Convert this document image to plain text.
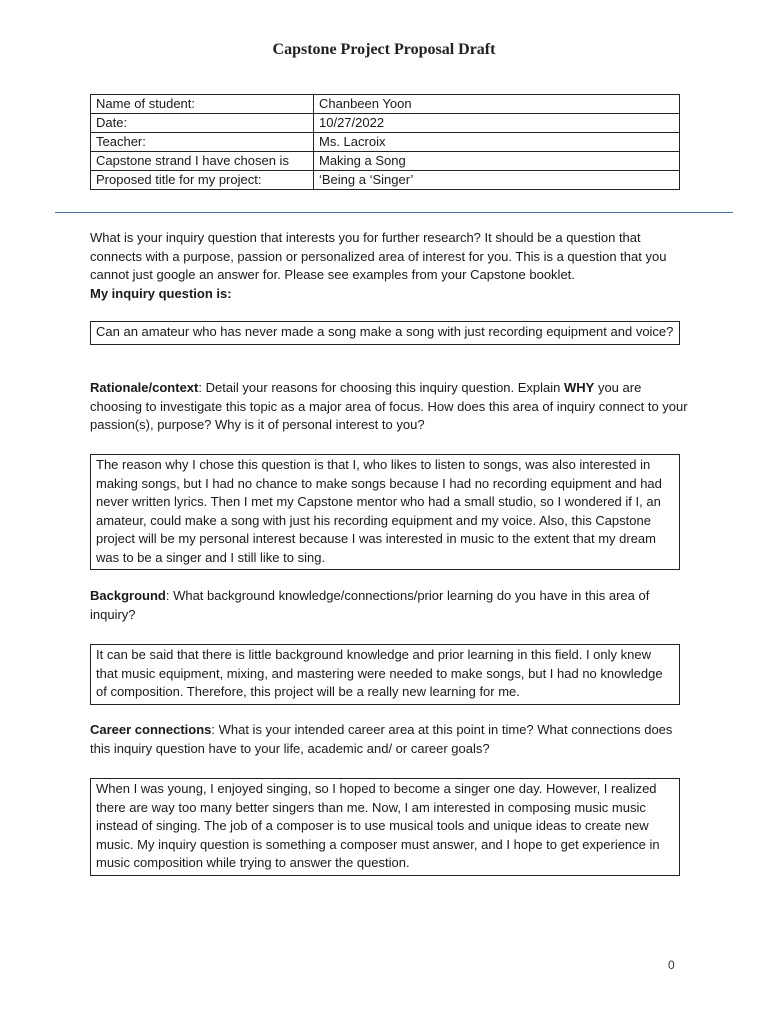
Capstone Project Proposal Draft
Name of student:	Chanbeen Yoon
Date:	10/27/2022
Teacher:	Ms. Lacroix
Capstone strand I have chosen is	Making a Song
Proposed title for my project:	‘Being a ‘Singer’
What is your inquiry question that interests you for further research? It should be a question that connects with a purpose, passion or personalized area of interest for you. This is a question that you cannot just google an answer for. Please see examples from your Capstone booklet.
My inquiry question is:
Can an amateur who has never made a song make a song with just recording equipment and voice?
Rationale/context: Detail your reasons for choosing this inquiry question. Explain WHY you are choosing to investigate this topic as a major area of focus. How does this area of inquiry connect to your passion(s), purpose? Why is it of personal interest to you?
The reason why I chose this question is that I, who likes to listen to songs, was also interested in making songs, but I had no chance to make songs because I had no recording equipment and had never written lyrics. Then I met my Capstone mentor who had a small studio, so I wondered if I, an amateur, could make a song with just his recording equipment and my voice. Also, this Capstone project will be my personal interest because I was interested in music to the extent that my dream was to be a singer and I still like to sing.
Background: What background knowledge/connections/prior learning do you have in this area of inquiry?
It can be said that there is little background knowledge and prior learning in this field. I only knew that music equipment, mixing, and mastering were needed to make songs, but I had no knowledge of composition. Therefore, this project will be a really new learning for me.
Career connections: What is your intended career area at this point in time? What connections does this inquiry question have to your life, academic and/ or career goals?
When I was young, I enjoyed singing, so I hoped to become a singer one day. However, I realized there are way too many better singers than me. Now, I am interested in composing music music instead of singing. The job of a composer is to use musical tools and unique ideas to create new music. My inquiry question is something a composer must answer, and I hope to get experience in music composition while trying to answer the question.
0
